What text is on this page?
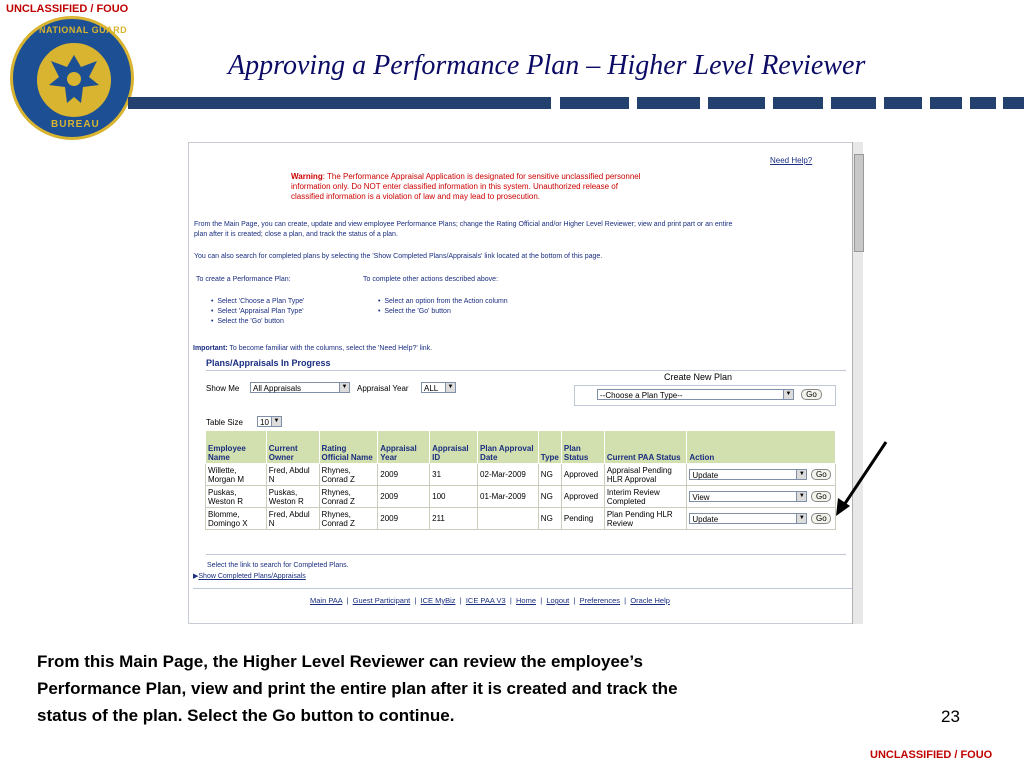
UNCLASSIFIED / FOUO
UNCLASSIFIED / FOUO
NATIONAL GUARD
BUREAU
Approving a Performance Plan – Higher Level Reviewer
Need Help?
Warning: The Performance Appraisal Application is designated for sensitive unclassified personnel
information only. Do NOT enter classified information in this system. Unauthorized release of
classified information is a violation of law and may lead to prosecution.
From the Main Page, you can create, update and view employee Performance Plans; change the Rating Official and/or Higher Level Reviewer; view and print part or an entire
plan after it is created; close a plan, and track the status of a plan.
You can also search for completed plans by selecting the 'Show Completed Plans/Appraisals' link located at the bottom of this page.
To create a Performance Plan:	To complete other actions described above:
•  Select 'Choose a Plan Type'
•  Select 'Appraisal Plan Type'
•  Select the 'Go' button
•  Select an option from the Action column
•  Select the 'Go' button
Important: To become familiar with the columns, select the 'Need Help?' link.
Plans/Appraisals In Progress
Show Me	All Appraisals	▼ Appraisal Year	ALL	▼
Create New Plan
--Choose a Plan Type--	▼	Go
Table Size	10 ▼
Employee Name	Current Owner	Rating Official Name	Appraisal Year	Appraisal ID	Plan Approval Date	Type	Plan Status	Current PAA Status	Action
Willette, Morgan M	Fred, Abdul N	Rhynes, Conrad Z	2009	31	02-Mar-2009	NG	Approved	Appraisal Pending HLR Approval	Update ▼ Go

Puskas, Weston R	Puskas, Weston R	Rhynes, Conrad Z	2009	100	01-Mar-2009	NG	Approved	Interim Review Completed	View ▼ Go

Blomme, Domingo X	Fred, Abdul N	Rhynes, Conrad Z	2009	211		NG	Pending	Plan Pending HLR Review	Update ▼ Go
Select the link to search for Completed Plans.
▶Show Completed Plans/Appraisals
Main PAA  |  Guest Participant  |  ICE MyBiz  |  ICE PAA V3  |  Home  |  Logout  |  Preferences  |  Oracle Help
From this Main Page, the Higher Level Reviewer can review the employee’s
Performance Plan, view and print the entire plan after it is created and track the
status of the plan. Select the Go button to continue.	23
